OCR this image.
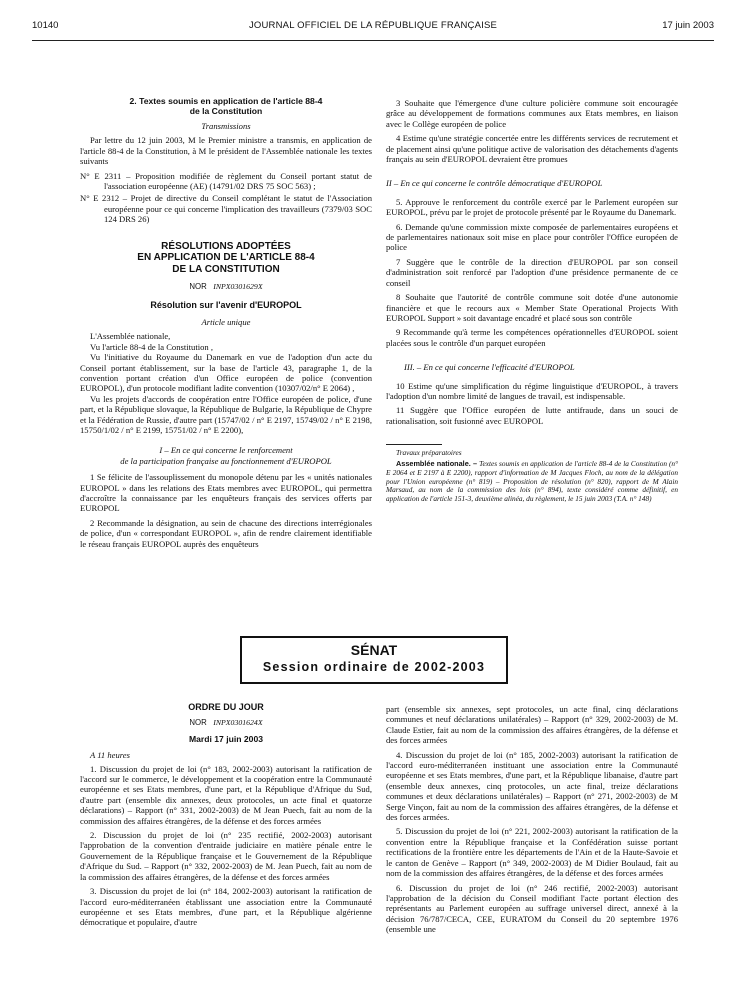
10140	JOURNAL OFFICIEL DE LA RÉPUBLIQUE FRANÇAISE	17 juin 2003
2. Textes soumis en application de l'article 88-4
de la Constitution
Transmissions

Par lettre du 12 juin 2003, M le Premier ministre a transmis, en application de l'article 88-4 de la Constitution, à M le président de l'Assemblée nationale les textes suivants

N° E 2311 – Proposition modifiée de règlement du Conseil portant statut de l'association européenne (AE) (14791/02 DRS 75 SOC 563) ;

N° E 2312 – Projet de directive du Conseil complétant le statut de l'Association européenne pour ce qui concerne l'implication des travailleurs (7379/03 SOC 124 DRS 26)

RÉSOLUTIONS ADOPTÉES
EN APPLICATION DE L'ARTICLE 88-4
DE LA CONSTITUTION
NOR INPX0301629X
Résolution sur l'avenir d'EUROPOL
Article unique

L'Assemblée nationale,

Vu l'article 88-4 de la Constitution ,

Vu l'initiative du Royaume du Danemark en vue de l'adoption d'un acte du Conseil portant établissement, sur la base de l'article 43, paragraphe 1, de la convention portant création d'un Office européen de police (convention EUROPOL), d'un protocole modifiant ladite convention (10307/02/n° E 2064) ,

Vu les projets d'accords de coopération entre l'Office européen de police, d'une part, et la République slovaque, la République de Bulgarie, la République de Chypre et la Fédération de Russie, d'autre part (15747/02 / n° E 2197, 15749/02 / n° E 2198, 15750/1/02 / n° E 2199, 15751/02 / n° E 2200),

I – En ce qui concerne le renforcement
de la participation française au fonctionnement d'EUROPOL

1 Se félicite de l'assouplissement du monopole détenu par les « unités nationales EUROPOL » dans les relations des Etats membres avec EUROPOL, qui permettra d'accroître la connaissance par les enquêteurs français des services offerts par EUROPOL

2 Recommande la désignation, au sein de chacune des directions interrégionales de police, d'un « correspondant EUROPOL », afin de rendre clairement identifiable le réseau français EUROPOL auprès des enquêteurs

3 Souhaite que l'émergence d'une culture policière commune soit encouragée grâce au développement de formations communes aux Etats membres, en liaison avec le Collège européen de police

4 Estime qu'une stratégie concertée entre les différents services de recrutement et de placement ainsi qu'une politique active de valorisation des détachements d'agents français au sein d'EUROPOL devraient être promues

II – En ce qui concerne le contrôle démocratique d'EUROPOL

5. Approuve le renforcement du contrôle exercé par le Parlement européen sur EUROPOL, prévu par le projet de protocole présenté par le Royaume du Danemark.

6. Demande qu'une commission mixte composée de parlementaires européens et de parlementaires nationaux soit mise en place pour contrôler l'Office européen de police

7 Suggère que le contrôle de la direction d'EUROPOL par son conseil d'administration soit renforcé par l'adoption d'une présidence permanente de ce conseil

8 Souhaite que l'autorité de contrôle commune soit dotée d'une autonomie financière et que le recours aux « Member State Operational Projects With EUROPOL Support » soit davantage encadré et placé sous son contrôle

9 Recommande qu'à terme les compétences opérationnelles d'EUROPOL soient placées sous le contrôle d'un parquet européen

III. – En ce qui concerne l'efficacité d'EUROPOL

10 Estime qu'une simplification du régime linguistique d'EUROPOL, à travers l'adoption d'un nombre limité de langues de travail, est indispensable.

11 Suggère que l'Office européen de lutte antifraude, dans un souci de rationalisation, soit fusionné avec EUROPOL

Travaux préparatoires
Assemblée nationale. – Textes soumis en application de l'article 88-4 de la Constitution (n° E 2064 et E 2197 à E 2200), rapport d'information de M Jacques Floch, au nom de la délégation pour l'Union européenne (n° 819) – Proposition de résolution (n° 820), rapport de M Alain Marsaud, au nom de la commission des lois (n° 894), texte considéré comme définitif, en application de l'article 151-3, deuxième alinéa, du règlement, le 15 juin 2003 (T.A. n° 148)
SÉNAT
Session ordinaire de 2002-2003
ORDRE DU JOUR
NOR INPX0301624X
Mardi 17 juin 2003
A 11 heures

1. Discussion du projet de loi (n° 183, 2002-2003) autorisant la ratification de l'accord sur le commerce, le développement et la coopération entre la Communauté européenne et ses Etats membres, d'une part, et la République d'Afrique du Sud, d'autre part (ensemble dix annexes, deux protocoles, un acte final et quatorze déclarations) – Rapport (n° 331, 2002-2003) de M Jean Puech, fait au nom de la commission des affaires étrangères, de la défense et des forces armées

2. Discussion du projet de loi (n° 235 rectifié, 2002-2003) autorisant l'approbation de la convention d'entraide judiciaire en matière pénale entre le Gouvernement de la République française et le Gouvernement de la République d'Afrique du Sud. – Rapport (n° 332, 2002-2003) de M. Jean Puech, fait au nom de la commission des affaires étrangères, de la défense et des forces armées

3. Discussion du projet de loi (n° 184, 2002-2003) autorisant la ratification de l'accord euro-méditerranéen établissant une association entre la Communauté européenne et ses Etats membres, d'une part, et la République algérienne démocratique et populaire, d'autre

part (ensemble six annexes, sept protocoles, un acte final, cinq déclarations communes et neuf déclarations unilatérales) – Rapport (n° 329, 2002-2003) de M. Claude Estier, fait au nom de la commission des affaires étrangères, de la défense et des forces armées

4. Discussion du projet de loi (n° 185, 2002-2003) autorisant la ratification de l'accord euro-méditerranéen instituant une association entre la Communauté européenne et ses Etats membres, d'une part, et la République libanaise, d'autre part (ensemble deux annexes, cinq protocoles, un acte final, treize déclarations communes et deux déclarations unilatérales) – Rapport (n° 271, 2002-2003) de M Serge Vinçon, fait au nom de la commission des affaires étrangères, de la défense et des forces armées.

5. Discussion du projet de loi (n° 221, 2002-2003) autorisant la ratification de la convention entre la République française et la Confédération suisse portant rectifications de la frontière entre les départements de l'Ain et de la Haute-Savoie et le canton de Genève – Rapport (n° 349, 2002-2003) de M Didier Boulaud, fait au nom de la commission des affaires étrangères, de la défense et des forces armées

6. Discussion du projet de loi (n° 246 rectifié, 2002-2003) autorisant l'approbation de la décision du Conseil modifiant l'acte portant élection des représentants au Parlement européen au suffrage universel direct, annexé à la décision 76/787/CECA, CEE, EURATOM du Conseil du 20 septembre 1976 (ensemble une
